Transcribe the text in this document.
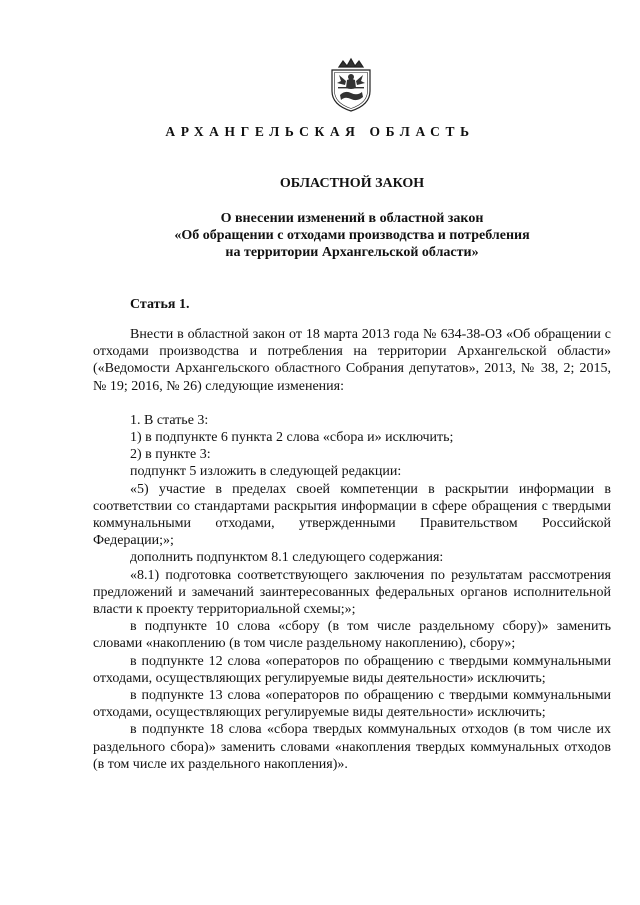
АРХАНГЕЛЬСКАЯ ОБЛАСТЬ
ОБЛАСТНОЙ ЗАКОН
О внесении изменений в областной закон
«Об обращении с отходами производства и потребления
на территории Архангельской области»
Статья 1.

Внести в областной закон от 18 марта 2013 года № 634-38-ОЗ «Об обращении с отходами производства и потребления на территории Архангельской области» («Ведомости Архангельского областного Собрания депутатов», 2013, № 38, 2; 2015, № 19; 2016, № 26) следующие изменения:

1. В статье 3:

1) в подпункте 6 пункта 2 слова «сбора и» исключить;

2) в пункте 3:

подпункт 5 изложить в следующей редакции:

«5) участие в пределах своей компетенции в раскрытии информации в соответствии со стандартами раскрытия информации в сфере обращения с твердыми коммунальными отходами, утвержденными Правительством Российской Федерации;»;

дополнить подпунктом 8.1 следующего содержания:

«8.1) подготовка соответствующего заключения по результатам рассмотрения предложений и замечаний заинтересованных федеральных органов исполнительной власти к проекту территориальной схемы;»;

в подпункте 10 слова «сбору (в том числе раздельному сбору)» заменить словами «накоплению (в том числе раздельному накоплению), сбору»;

в подпункте 12 слова «операторов по обращению с твердыми коммунальными отходами, осуществляющих регулируемые виды деятельности» исключить;

в подпункте 13 слова «операторов по обращению с твердыми коммунальными отходами, осуществляющих регулируемые виды деятельности» исключить;

в подпункте 18 слова «сбора твердых коммунальных отходов (в том числе их раздельного сбора)» заменить словами «накопления твердых коммунальных отходов (в том числе их раздельного накопления)».
